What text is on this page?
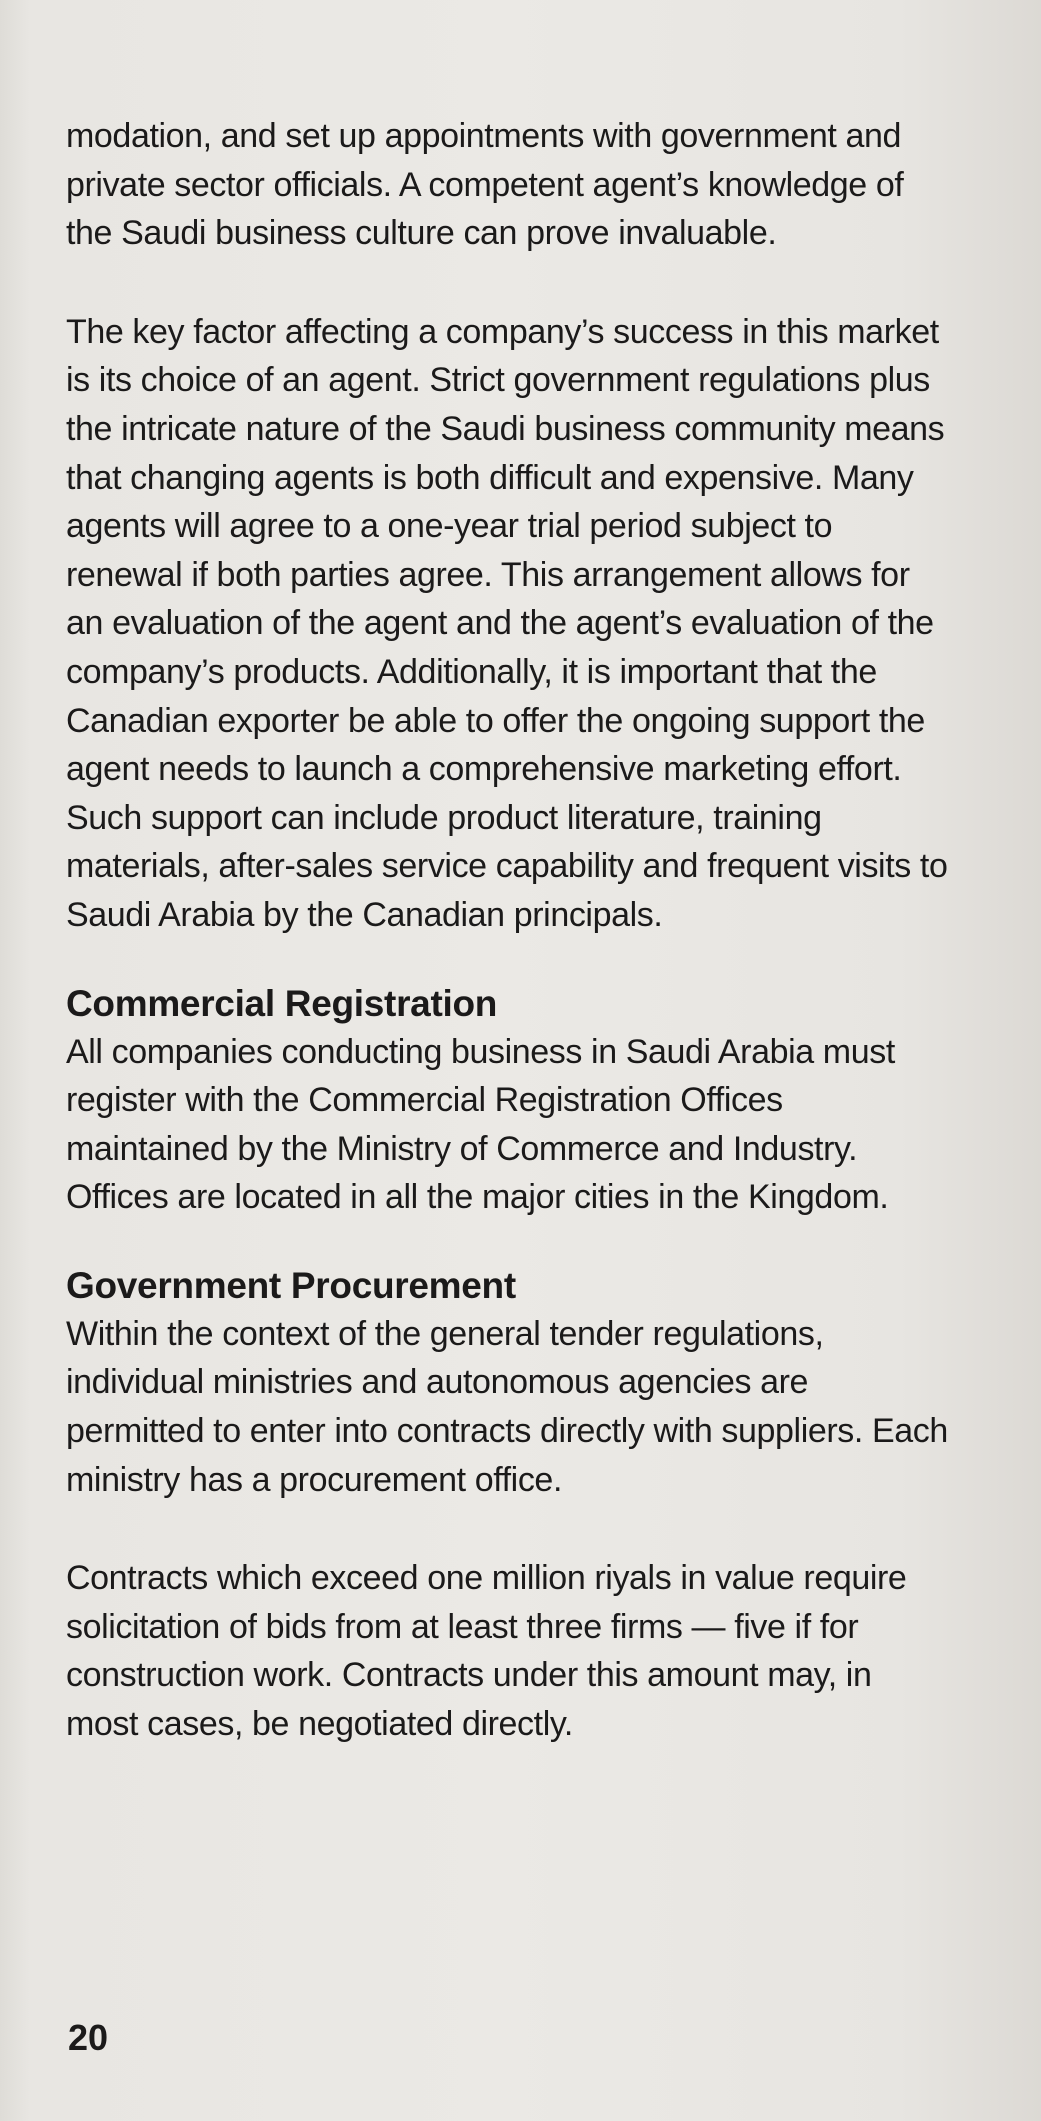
modation, and set up appointments with government and private sector officials. A competent agent’s knowledge of the Saudi business culture can prove invaluable.

The key factor affecting a company’s success in this market is its choice of an agent. Strict government regulations plus the intricate nature of the Saudi business community means that changing agents is both difficult and expensive. Many agents will agree to a one-year trial period subject to renewal if both parties agree. This arrangement allows for an evaluation of the agent and the agent’s evaluation of the company’s products. Additionally, it is important that the Canadian exporter be able to offer the ongoing support the agent needs to launch a comprehensive marketing effort. Such support can include product literature, training materials, after-sales service capability and frequent visits to Saudi Arabia by the Canadian principals.

Commercial Registration

All companies conducting business in Saudi Arabia must register with the Commercial Registration Offices maintained by the Ministry of Commerce and Industry. Offices are located in all the major cities in the Kingdom.

Government Procurement

Within the context of the general tender regulations, individual ministries and autonomous agencies are permitted to enter into contracts directly with suppliers. Each ministry has a procurement office.

Contracts which exceed one million riyals in value require solicitation of bids from at least three firms — five if for construction work. Contracts under this amount may, in most cases, be negotiated directly.

20
